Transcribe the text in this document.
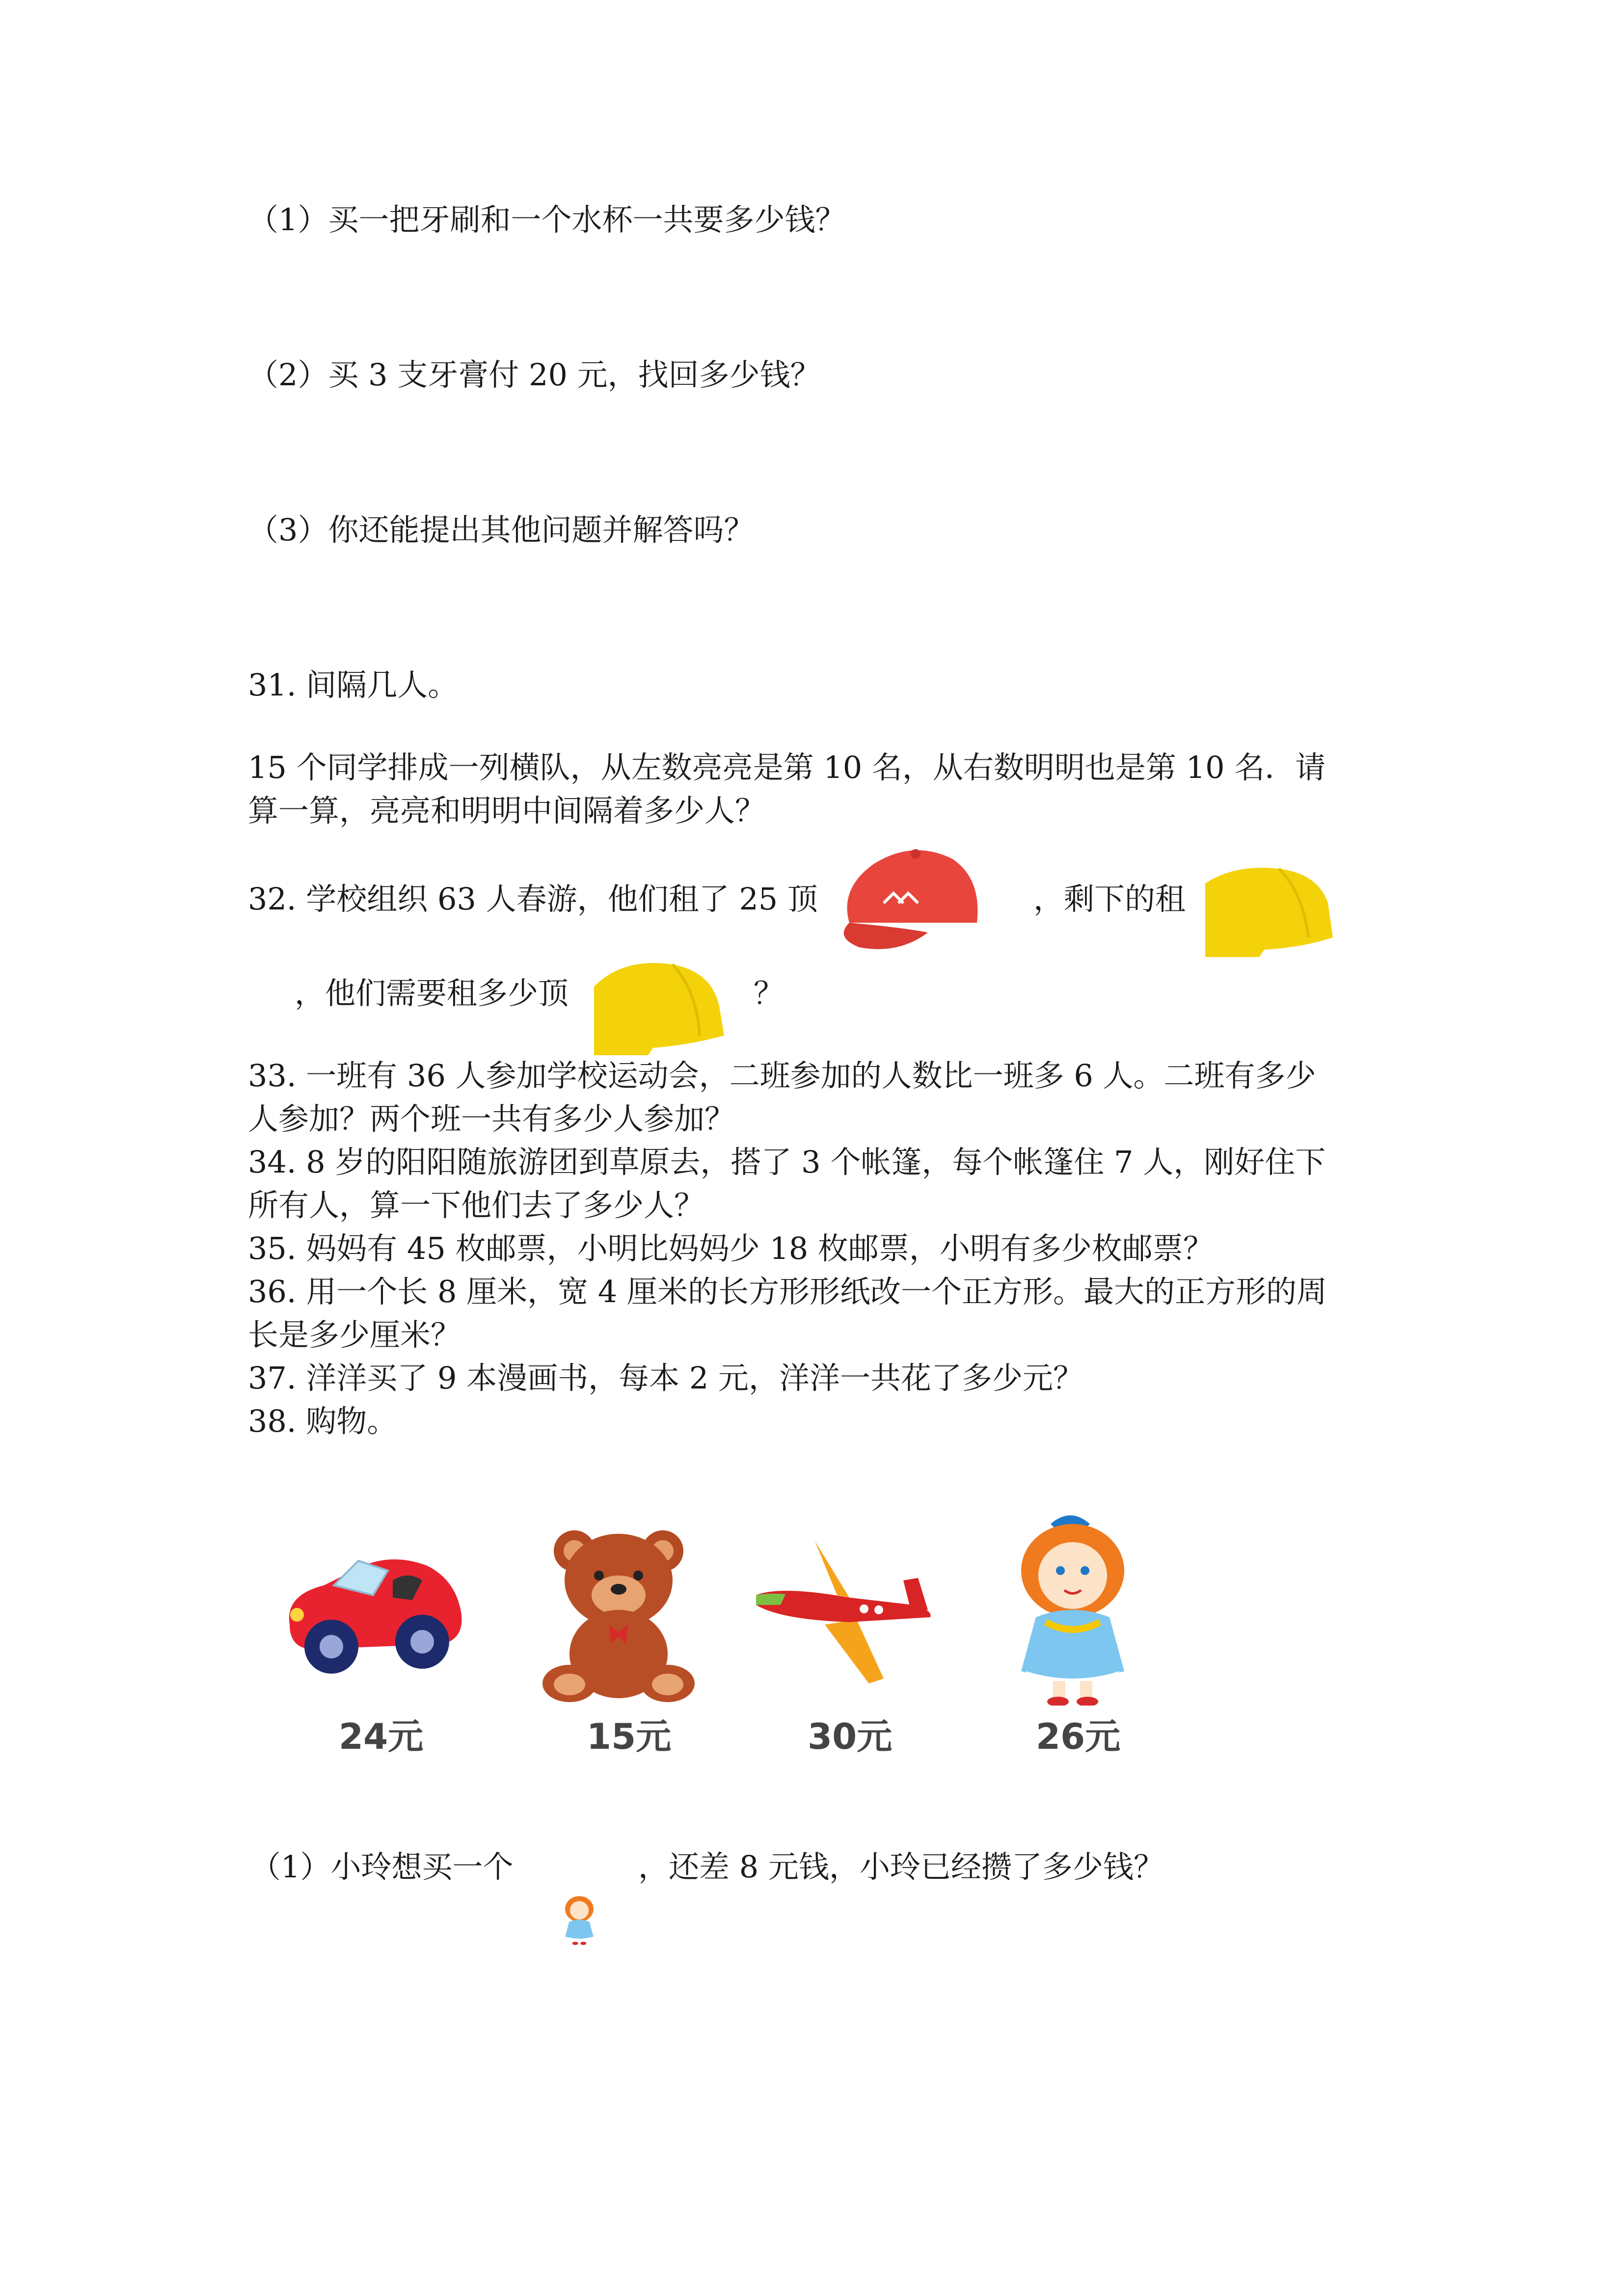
（1）买一把牙刷和一个水杯一共要多少钱？

（2）买 3 支牙膏付 20 元，找回多少钱？

（3）你还能提出其他问题并解答吗？

31. 间隔几人。

15 个同学排成一列横队，从左数亮亮是第 10 名，从右数明明也是第 10 名．请

算一算，亮亮和明明中间隔着多少人？

32. 学校组织 63 人春游，他们租了 25 顶	，剩下的租

，他们需要租多少顶	？

33. 一班有 36 人参加学校运动会，二班参加的人数比一班多 6 人。二班有多少

人参加？两个班一共有多少人参加？

34. 8 岁的阳阳随旅游团到草原去，搭了 3 个帐篷，每个帐篷住 7 人，刚好住下

所有人，算一下他们去了多少人？

35. 妈妈有 45 枚邮票，小明比妈妈少 18 枚邮票，小明有多少枚邮票？

36. 用一个长 8 厘米，宽 4 厘米的长方形形纸改一个正方形。最大的正方形的周

长是多少厘米？

37. 洋洋买了 9 本漫画书，每本 2 元，洋洋一共花了多少元？

38. 购物。

24元	15元	30元	26元

（1）小玲想买一个	，还差 8 元钱，小玲已经攒了多少钱？
